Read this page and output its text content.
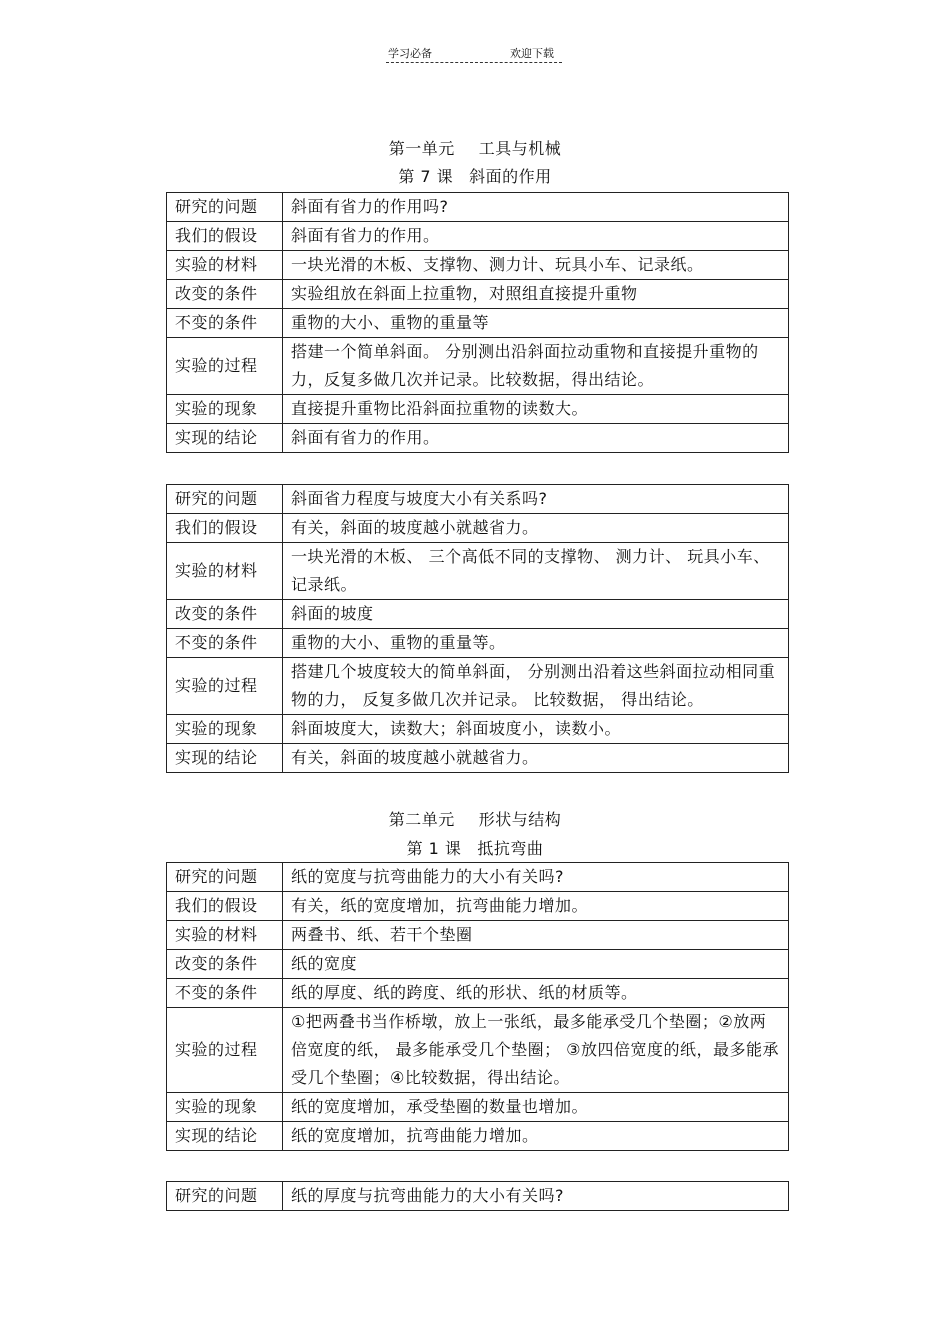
学习必备	欢迎下载
第一单元 工具与机械
第 7 课 斜面的作用
研究的问题	斜面有省力的作用吗?
我们的假设	斜面有省力的作用。
实验的材料	一块光滑的木板、支撑物、测力计、玩具小车、记录纸。
改变的条件	实验组放在斜面上拉重物，对照组直接提升重物
不变的条件	重物的大小、重物的重量等
实验的过程	搭建一个简单斜面。 分别测出沿斜面拉动重物和直接提升重物的力，反复多做几次并记录。比较数据，得出结论。
实验的现象	直接提升重物比沿斜面拉重物的读数大。
实现的结论	斜面有省力的作用。
研究的问题	斜面省力程度与坡度大小有关系吗?
我们的假设	有关，斜面的坡度越小就越省力。
实验的材料	一块光滑的木板、 三个高低不同的支撑物、 测力计、 玩具小车、记录纸。
改变的条件	斜面的坡度
不变的条件	重物的大小、重物的重量等。
实验的过程	搭建几个坡度较大的简单斜面， 分别测出沿着这些斜面拉动相同重物的力， 反复多做几次并记录。 比较数据， 得出结论。
实验的现象	斜面坡度大，读数大；斜面坡度小，读数小。
实现的结论	有关，斜面的坡度越小就越省力。
第二单元 形状与结构
第 1 课 抵抗弯曲
研究的问题	纸的宽度与抗弯曲能力的大小有关吗?
我们的假设	有关，纸的宽度增加，抗弯曲能力增加。
实验的材料	两叠书、纸、若干个垫圈
改变的条件	纸的宽度
不变的条件	纸的厚度、纸的跨度、纸的形状、纸的材质等。
实验的过程	①把两叠书当作桥墩，放上一张纸，最多能承受几个垫圈；②放两倍宽度的纸， 最多能承受几个垫圈； ③放四倍宽度的纸，最多能承受几个垫圈；④比较数据，得出结论。
实验的现象	纸的宽度增加，承受垫圈的数量也增加。
实现的结论	纸的宽度增加，抗弯曲能力增加。
研究的问题	纸的厚度与抗弯曲能力的大小有关吗?
